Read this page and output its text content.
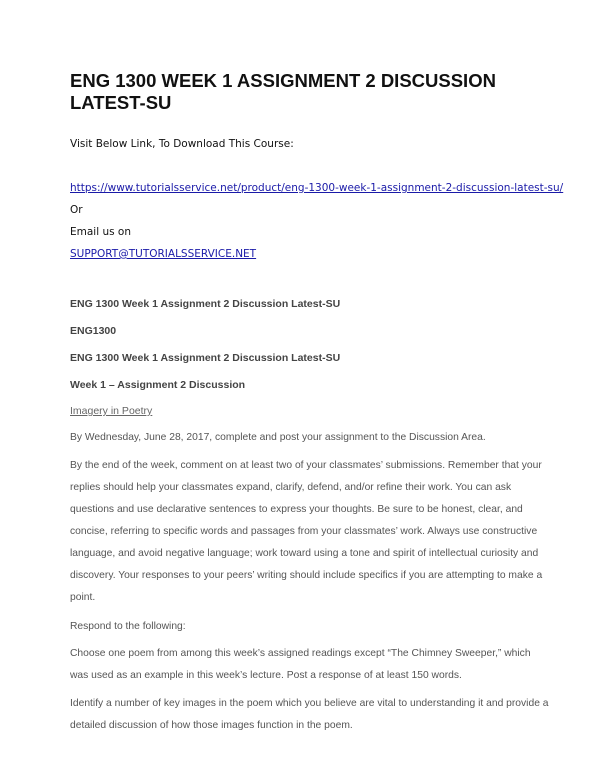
ENG 1300 WEEK 1 ASSIGNMENT 2 DISCUSSION LATEST-SU
Visit Below Link, To Download This Course:
https://www.tutorialsservice.net/product/eng-1300-week-1-assignment-2-discussion-latest-su/
Or
Email us on
SUPPORT@TUTORIALSSERVICE.NET
ENG 1300 Week 1 Assignment 2 Discussion Latest-SU
ENG1300
ENG 1300 Week 1 Assignment 2 Discussion Latest-SU
Week 1 – Assignment 2 Discussion
Imagery in Poetry
By Wednesday, June 28, 2017, complete and post your assignment to the Discussion Area.
By the end of the week, comment on at least two of your classmates’ submissions. Remember that your
replies should help your classmates expand, clarify, defend, and/or refine their work. You can ask
questions and use declarative sentences to express your thoughts. Be sure to be honest, clear, and
concise, referring to specific words and passages from your classmates’ work. Always use constructive
language, and avoid negative language; work toward using a tone and spirit of intellectual curiosity and
discovery. Your responses to your peers’ writing should include specifics if you are attempting to make a
point.
Respond to the following:
Choose one poem from among this week’s assigned readings except “The Chimney Sweeper,” which
was used as an example in this week’s lecture. Post a response of at least 150 words.
Identify a number of key images in the poem which you believe are vital to understanding it and provide a
detailed discussion of how those images function in the poem.
